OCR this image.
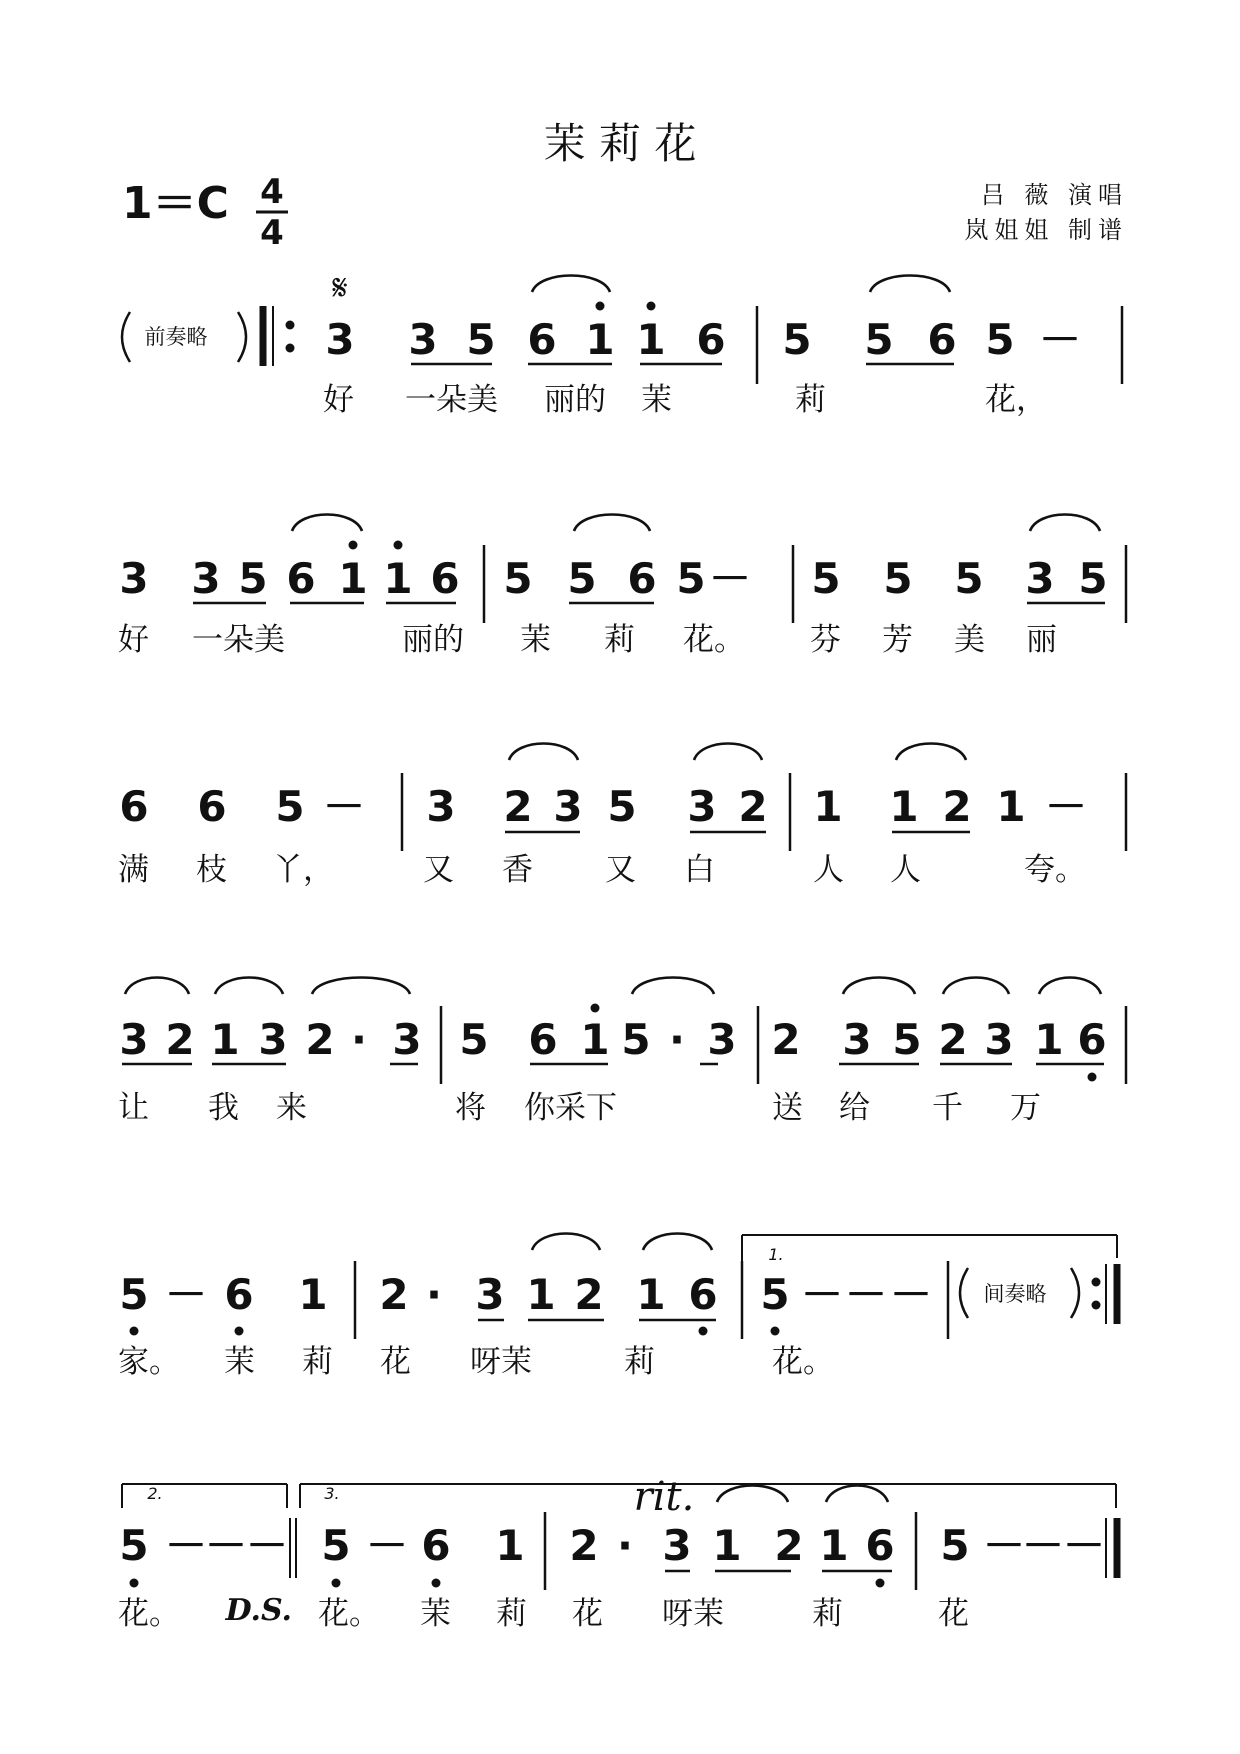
茉 莉 花
1＝C 4
4
吕 薇 演唱
岚姐姐 制谱
前奏略
𝄋
3 3 5 6 1 1 6 5 5 6 5 －
好 一朵美 丽的 茉	莉	花，
3 3 5 6 1 1 6 5 5 6 5 － 5 5 5 3 5
好 一朵美	丽的 茉 莉 花。 芬 芳 美 丽
6 6 5 － 3 2 3 5 3 2 1 1 2 1 －
满 枝 丫，	又 香 又 白	人 人	夸。
3 2 1 3 2 · 3 5 6 1 5 · 3 2 3 5 2 3 1 6
让 我 来	将 你采下	送 给 千 万
5 － 6 1 2 · 3 1 2 1 6 5 － － －
1.
间奏略
家。 茉 莉 花 呀茉	莉	花。
5 －
－
－ 5 － 6 1 2 · 3 1 2 1 6 5 －
－
－
2.	3.	rit.
D.S.
花。	花。 茉 莉 花 呀茉	莉	花
